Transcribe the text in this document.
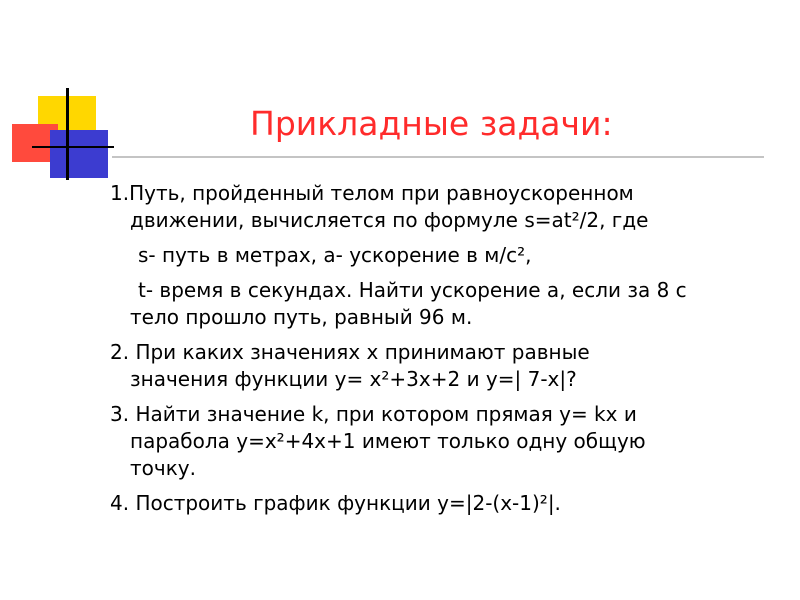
Прикладные задачи:

1.Путь, пройденный телом при равноускоренном
движении, вычисляется по формуле s=at²/2, где

s- путь в метрах, a- ускорение в м/с²,

t- время в секундах. Найти ускорение a, если за 8 с
тело прошло путь, равный 96 м.

2. При каких значениях x принимают равные
значения функции y= x²+3x+2 и y=| 7-x|?

3. Найти значение k, при котором прямая y= kx и
парабола y=x²+4x+1 имеют только одну общую
точку.

4. Построить график функции y=|2-(x-1)²|.
